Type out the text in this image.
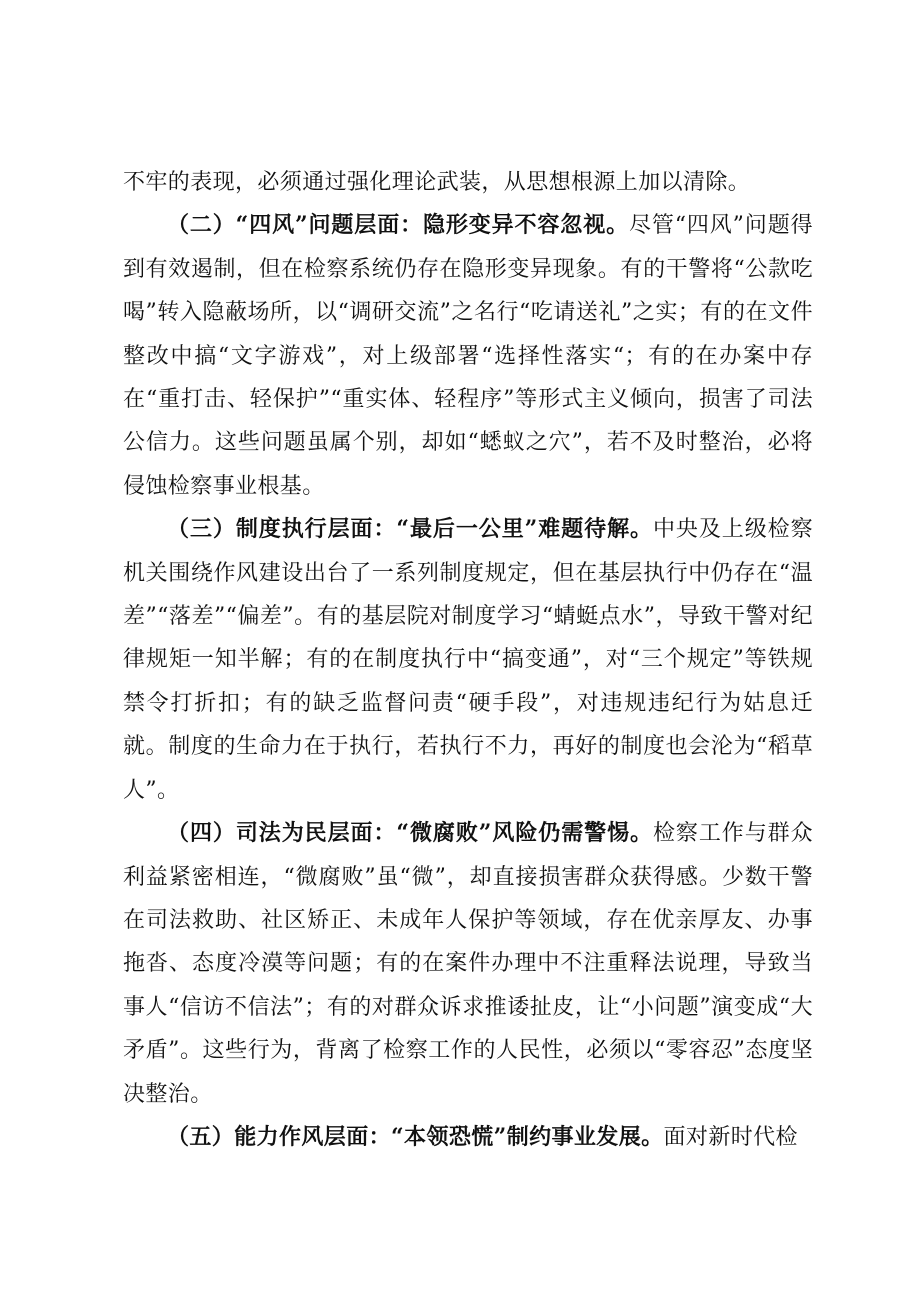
不牢的表现，必须通过强化理论武装，从思想根源上加以清除。

（二）“四风”问题层面：隐形变异不容忽视。尽管“四风”问题得到有效遏制，但在检察系统仍存在隐形变异现象。有的干警将“公款吃喝”转入隐蔽场所，以“调研交流”之名行“吃请送礼”之实；有的在文件整改中搞“文字游戏”，对上级部署“选择性落实“；有的在办案中存在“重打击、轻保护”“重实体、轻程序”等形式主义倾向，损害了司法公信力。这些问题虽属个别，却如“蟋蚁之穴”，若不及时整治，必将侵蚀检察事业根基。

（三）制度执行层面：“最后一公里”难题待解。中央及上级检察机关围绕作风建设出台了一系列制度规定，但在基层执行中仍存在“温差”“落差”“偏差”。有的基层院对制度学习“蜻蜓点水”，导致干警对纪律规矩一知半解；有的在制度执行中“搞变通”，对“三个规定”等铁规禁令打折扣；有的缺乏监督问责“硬手段”，对违规违纪行为姑息迁就。制度的生命力在于执行，若执行不力，再好的制度也会沦为“稻草人”。

（四）司法为民层面：“微腐败”风险仍需警惕。检察工作与群众利益紧密相连，“微腐败”虽“微”，却直接损害群众获得感。少数干警在司法救助、社区矫正、未成年人保护等领域，存在优亲厚友、办事拖沓、态度冷漠等问题；有的在案件办理中不注重释法说理，导致当事人“信访不信法”；有的对群众诉求推诿扯皮，让“小问题”演变成“大矛盾”。这些行为，背离了检察工作的人民性，必须以“零容忍”态度坚决整治。

（五）能力作风层面：“本领恐慌”制约事业发展。面对新时代检
